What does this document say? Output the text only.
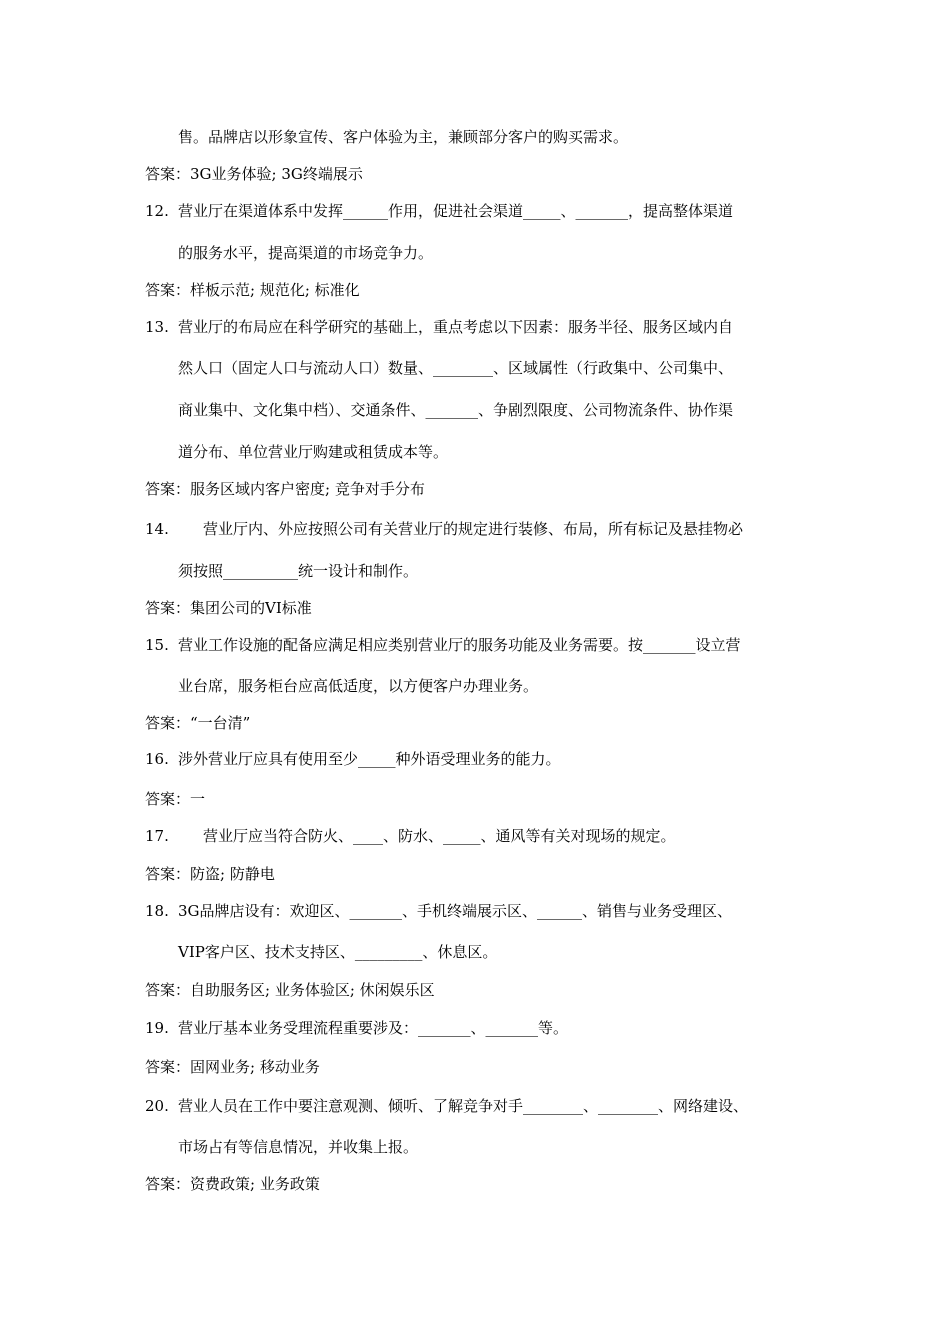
售。品牌店以形象宣传、客户体验为主，兼顾部分客户的购买需求。
答案：3G业务体验; 3G终端展示
12. 营业厅在渠道体系中发挥______作用，促进社会渠道_____、_______，提高整体渠道
的服务水平，提高渠道的市场竞争力。
答案：样板示范; 规范化; 标准化
13. 营业厅的布局应在科学研究的基础上，重点考虑以下因素：服务半径、服务区域内自
然人口（固定人口与流动人口）数量、________、区域属性（行政集中、公司集中、
商业集中、文化集中档）、交通条件、_______、争剧烈限度、公司物流条件、协作渠
道分布、单位营业厅购建或租赁成本等。
答案：服务区域内客户密度; 竞争对手分布
14. 营业厅内、外应按照公司有关营业厅的规定进行装修、布局，所有标记及悬挂物必
须按照__________统一设计和制作。
答案：集团公司的VI标准
15. 营业工作设施的配备应满足相应类别营业厅的服务功能及业务需要。按_______设立营
业台席，服务柜台应高低适度，以方便客户办理业务。
答案：“一台清”
16. 涉外营业厅应具有使用至少_____种外语受理业务的能力。
答案：一
17. 营业厅应当符合防火、____、防水、_____、通风等有关对现场的规定。
答案：防盗; 防静电
18. 3G品牌店设有：欢迎区、_______、手机终端展示区、______、销售与业务受理区、
VIP客户区、技术支持区、_________、休息区。
答案：自助服务区; 业务体验区; 休闲娱乐区
19. 营业厅基本业务受理流程重要涉及：_______、_______等。
答案：固网业务; 移动业务
20. 营业人员在工作中要注意观测、倾听、了解竞争对手________、________、网络建设、
市场占有等信息情况，并收集上报。
答案：资费政策; 业务政策
